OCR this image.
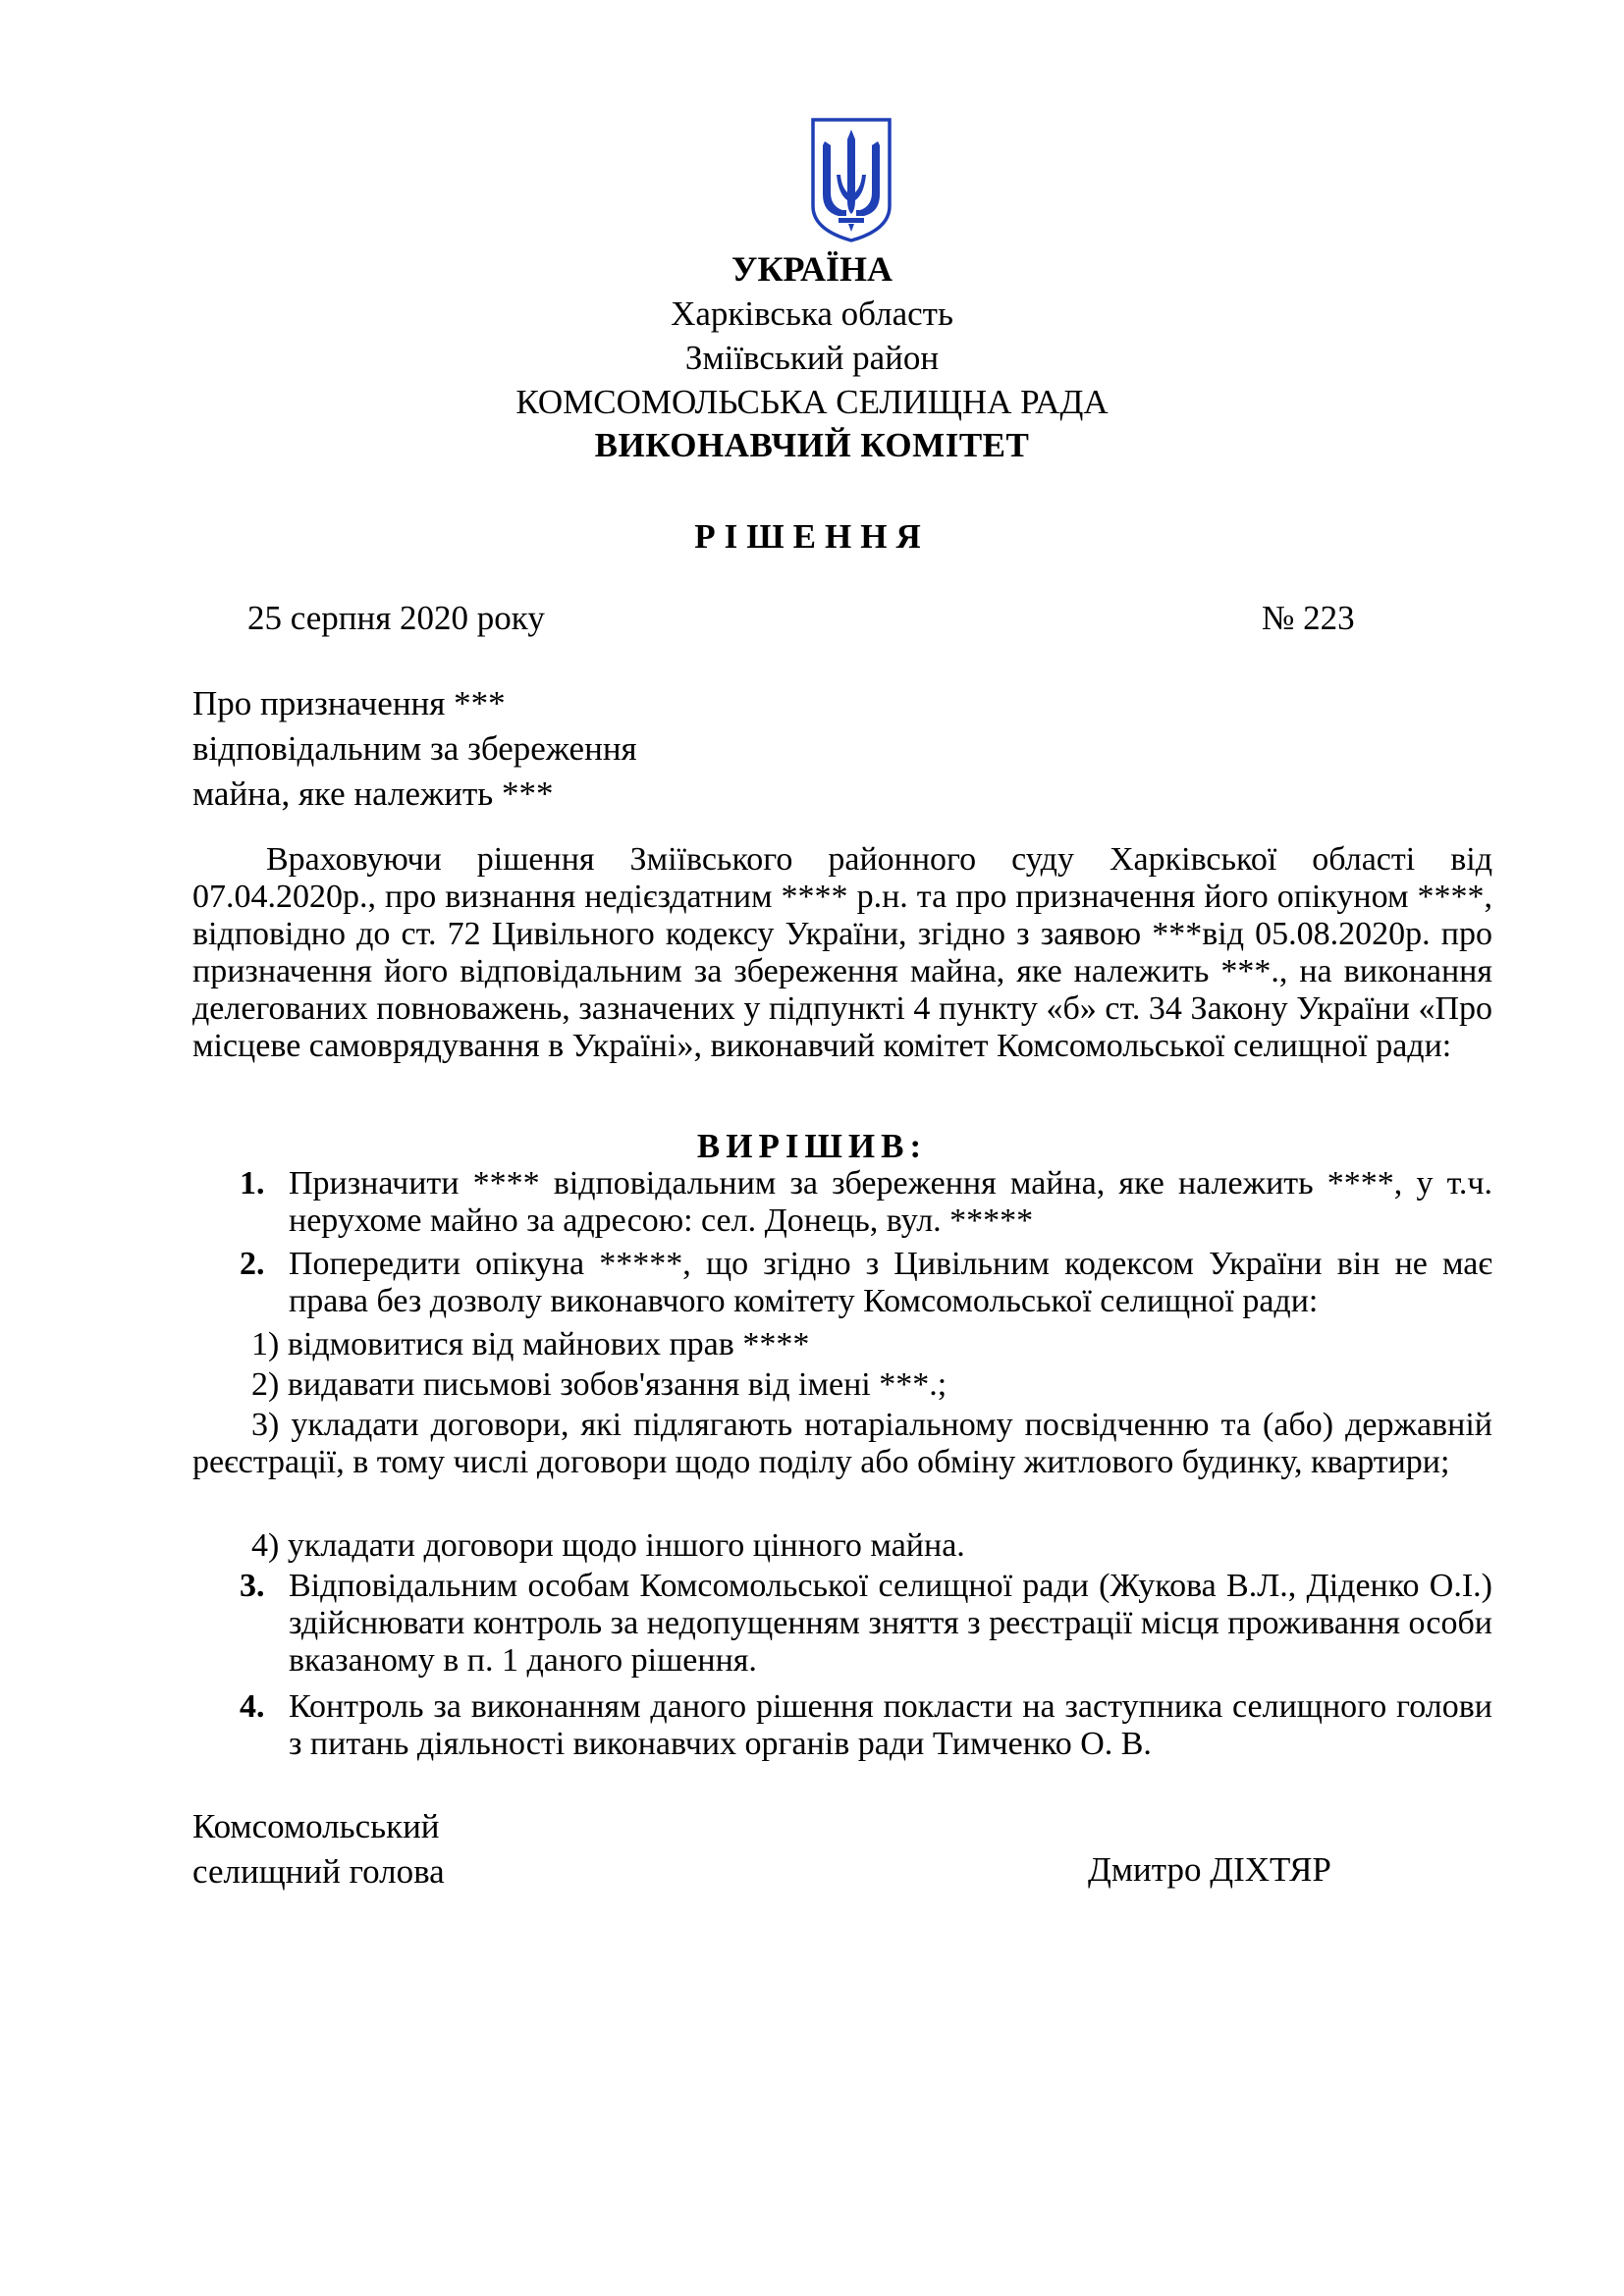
УКРАЇНА
Харківська область
Зміївський район
КОМСОМОЛЬСЬКА СЕЛИЩНА РАДА
ВИКОНАВЧИЙ КОМІТЕТ
РІШЕННЯ
25 серпня 2020 року	№ 223
Про призначення ***
відповідальним за збереження
майна, яке належить ***
Враховуючи рішення Зміївського районного суду Харківської області від 07.04.2020р., про визнання недієздатним **** р.н. та про призначення його опікуном ****, відповідно до ст. 72 Цивільного кодексу України, згідно з заявою ***від 05.08.2020р. про призначення його відповідальним за збереження майна, яке належить ***., на виконання делегованих повноважень, зазначених у підпункті 4 пункту «б» ст. 34 Закону України «Про місцеве самоврядування в Україні», виконавчий комітет Комсомольської селищної ради:
ВИРІШИВ:
1. Призначити **** відповідальним за збереження майна, яке належить ****, у т.ч. нерухоме майно за адресою: сел. Донець, вул. *****
2. Попередити опікуна *****, що згідно з Цивільним кодексом України він не має права без дозволу виконавчого комітету Комсомольської селищної ради:
1) відмовитися від майнових прав ****
2) видавати письмові зобов'язання від імені ***.;
3) укладати договори, які підлягають нотаріальному посвідченню та (або) державній реєстрації, в тому числі договори щодо поділу або обміну житлового будинку, квартири;
4) укладати договори щодо іншого цінного майна.
3. Відповідальним особам Комсомольської селищної ради (Жукова В.Л., Діденко О.І.) здійснювати контроль за недопущенням зняття з реєстрації місця проживання особи вказаному в п. 1 даного рішення.
4. Контроль за виконанням даного рішення покласти на заступника селищного голови з питань діяльності виконавчих органів ради Тимченко О. В.
Комсомольський
селищний голова	Дмитро ДІХТЯР
